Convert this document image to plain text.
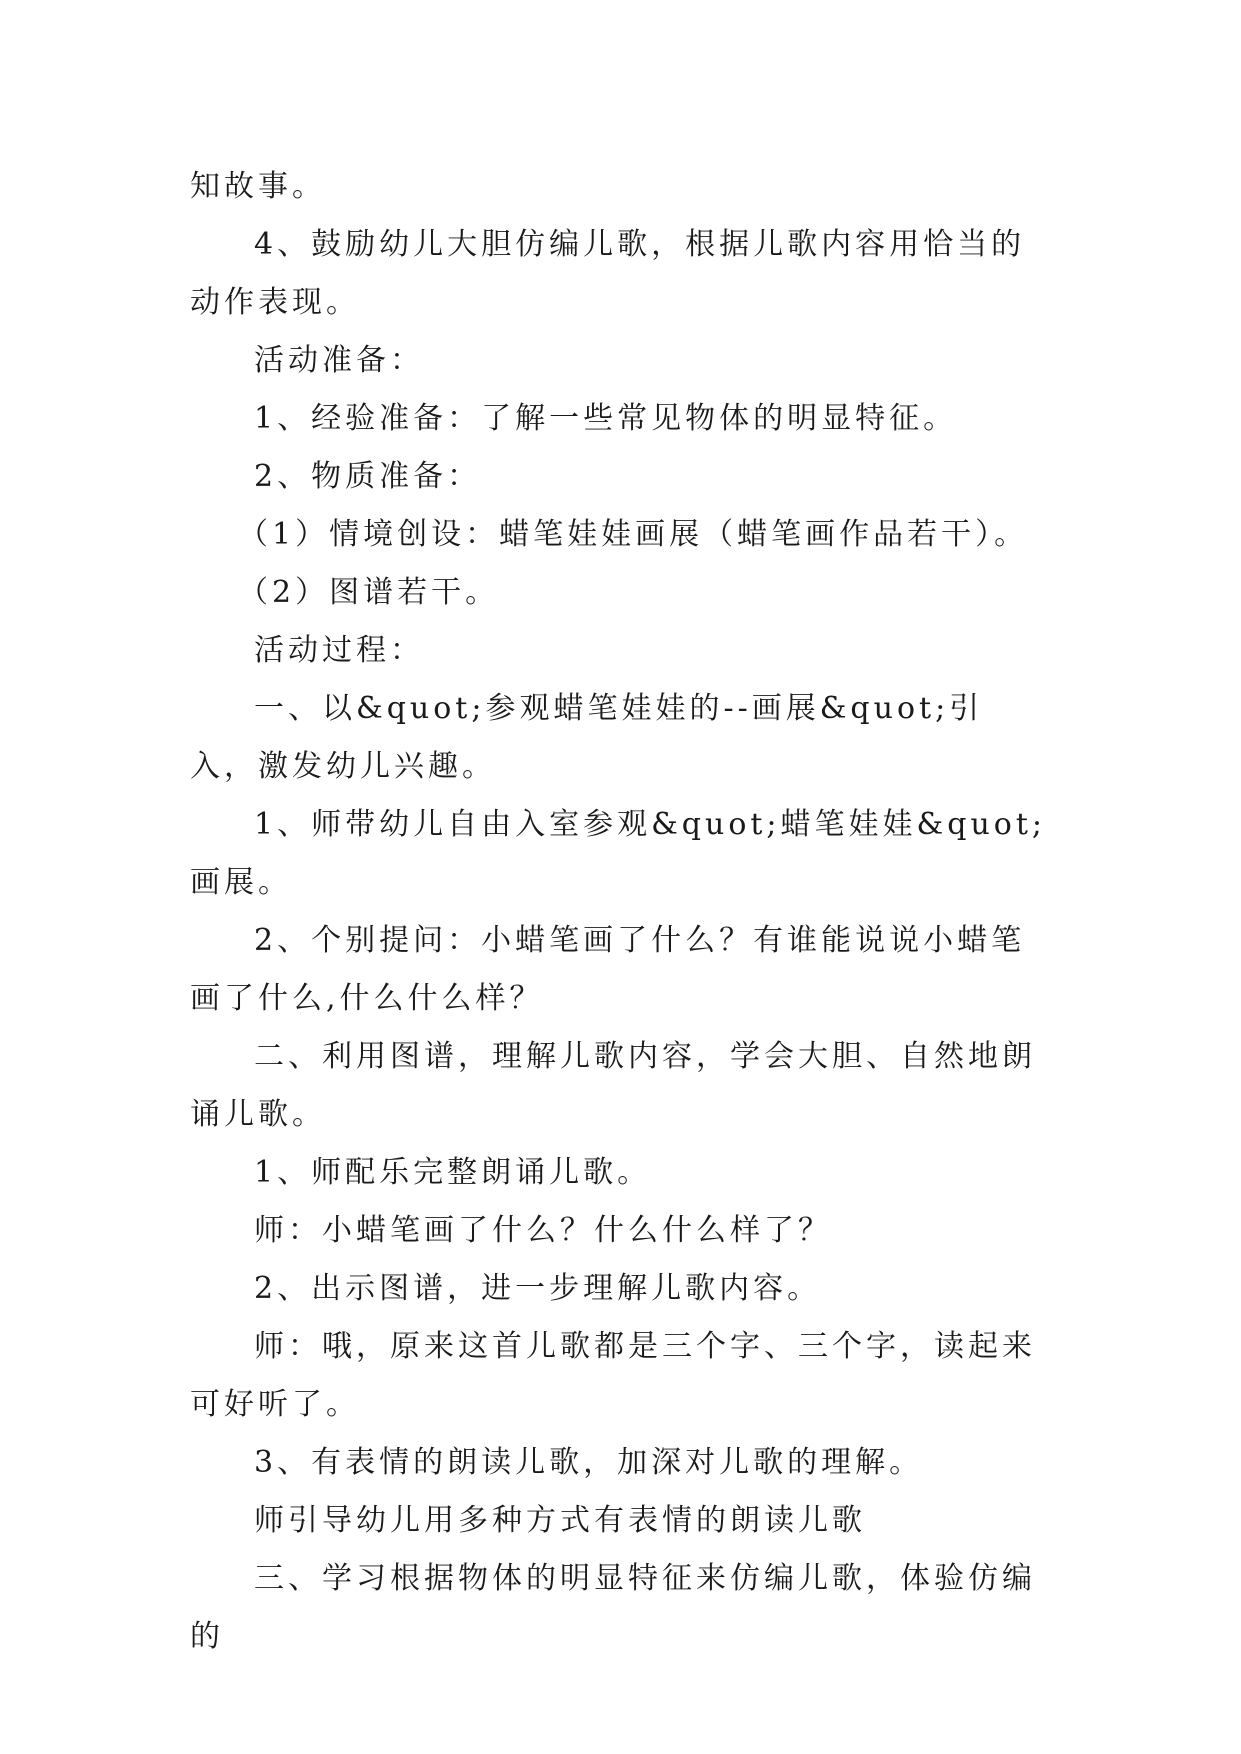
知故事。

4、鼓励幼儿大胆仿编儿歌，根据儿歌内容用恰当的动作表现。

活动准备：

1、经验准备：了解一些常见物体的明显特征。

2、物质准备：

（1）情境创设：蜡笔娃娃画展（蜡笔画作品若干）。

（2）图谱若干。

活动过程：

一、以&quot;参观蜡笔娃娃的--画展&quot;引入，激发幼儿兴趣。

1、师带幼儿自由入室参观&quot;蜡笔娃娃&quot;画展。

2、个别提问：小蜡笔画了什么？有谁能说说小蜡笔画了什么,什么什么样？

二、利用图谱，理解儿歌内容，学会大胆、自然地朗诵儿歌。

1、师配乐完整朗诵儿歌。

师：小蜡笔画了什么？什么什么样了？

2、出示图谱，进一步理解儿歌内容。

师：哦，原来这首儿歌都是三个字、三个字，读起来可好听了。

3、有表情的朗读儿歌，加深对儿歌的理解。

师引导幼儿用多种方式有表情的朗读儿歌

三、学习根据物体的明显特征来仿编儿歌，体验仿编的
